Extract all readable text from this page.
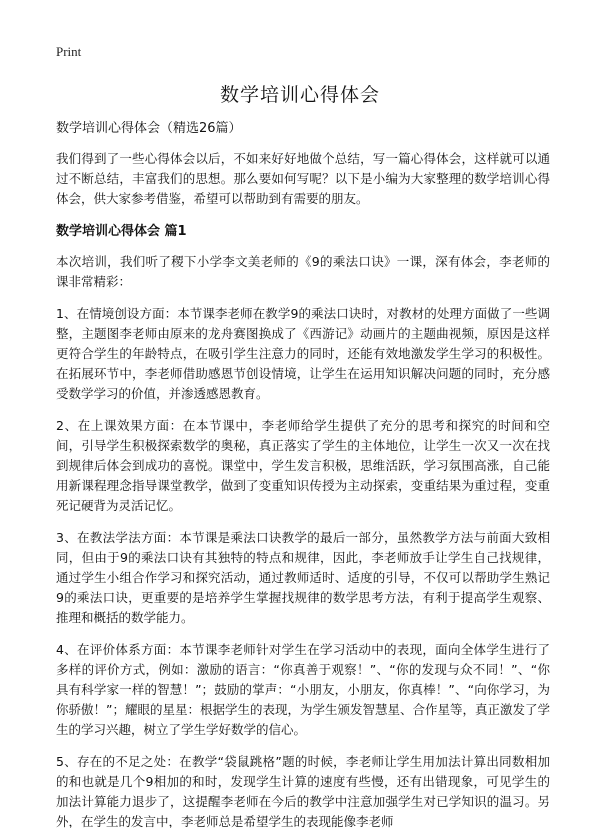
Print
数学培训心得体会

数学培训心得体会（精选26篇）

我们得到了一些心得体会以后，不如来好好地做个总结，写一篇心得体会，这样就可以通过不断总结，丰富我们的思想。那么要如何写呢？以下是小编为大家整理的数学培训心得体会，供大家参考借鉴，希望可以帮助到有需要的朋友。

数学培训心得体会 篇1

本次培训，我们听了稷下小学李文美老师的《9的乘法口诀》一课，深有体会，李老师的课非常精彩：

1、在情境创设方面：本节课李老师在教学9的乘法口诀时，对教材的处理方面做了一些调整，主题图李老师由原来的龙舟赛图换成了《西游记》动画片的主题曲视频，原因是这样更符合学生的年龄特点，在吸引学生注意力的同时，还能有效地激发学生学习的积极性。在拓展环节中，李老师借助感恩节创设情境，让学生在运用知识解决问题的同时，充分感受数学学习的价值，并渗透感恩教育。

2、在上课效果方面：在本节课中，李老师给学生提供了充分的思考和探究的时间和空间，引导学生积极探索数学的奥秘，真正落实了学生的主体地位，让学生一次又一次在找到规律后体会到成功的喜悦。课堂中，学生发言积极，思维活跃，学习氛围高涨，自己能用新课程理念指导课堂教学，做到了变重知识传授为主动探索，变重结果为重过程，变重死记硬背为灵活记忆。

3、在教法学法方面：本节课是乘法口诀教学的最后一部分，虽然教学方法与前面大致相同，但由于9的乘法口诀有其独特的特点和规律，因此，李老师放手让学生自己找规律，通过学生小组合作学习和探究活动，通过教师适时、适度的引导，不仅可以帮助学生熟记9的乘法口诀，更重要的是培养学生掌握找规律的数学思考方法，有利于提高学生观察、推理和概括的数学能力。

4、在评价体系方面：本节课李老师针对学生在学习活动中的表现，面向全体学生进行了多样的评价方式，例如：激励的语言：“你真善于观察！”、“你的发现与众不同！”、“你具有科学家一样的智慧！”；鼓励的掌声：“小朋友，小朋友，你真棒！”、“向你学习，为你骄傲！”；耀眼的星星：根据学生的表现，为学生颁发智慧星、合作星等，真正激发了学生的学习兴趣，树立了学生学好数学的信心。

5、存在的不足之处：在教学“袋鼠跳格”题的时候，李老师让学生用加法计算出同数相加的和也就是几个9相加的和时，发现学生计算的速度有些慢，还有出错现象，可见学生的加法计算能力退步了，这提醒李老师在今后的教学中注意加强学生对已学知识的温习。另外，在学生的发言中，李老师总是希望学生的表现能像李老师
